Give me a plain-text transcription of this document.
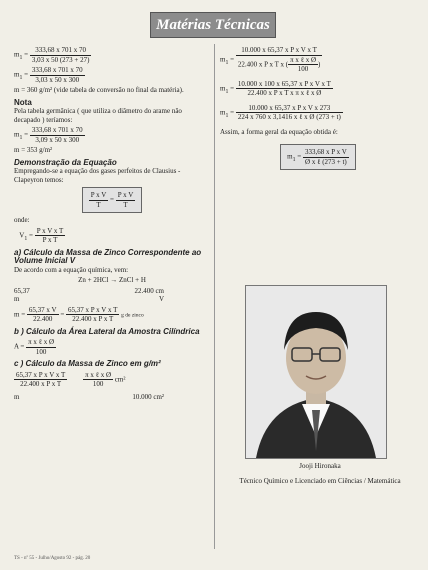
Matérias Técnicas
$m_1 = \frac{333,68 x 701 x 70}{3,03 x 50 (273 + 27)}$
$m_1 = \frac{333,68 x 701 x 70}{3,03 x 50 x 300}$

m = 360 g/m² (vide tabela de conversão no final da matéria).

Nota

Pela tabela germânica ( que utiliza o diâmetro do arame não decapado ) teríamos:

$m_1 = \frac{333,68 x 701 x 70}{3,09 x 50 x 300}$

m = 353 g/m²

Demonstração da Equação

Empregando-se a equação dos gases perfeitos de Clausius - Clapeyron temos:

$\frac{\text{P x V}}{T} = \frac{\text{P x V}}{T}$

onde:

$V_1 = \frac{\text{P x V x T}}{\text{P x T}}$

a) Cálculo da Massa de Zinco Correspondente ao Volume Inicial V

De acordo com a equação química, vem:

Zn + 2HCl → ZnCl + H

65,37	22.400 cm
m	V
$m = \frac{\text{65,37 x V}}{22.400} = \frac{\text{65,37 x P x V x T}}{\text{22.400 x P x T}}$ g de zinco

b ) Cálculo da Área Lateral da Amostra Cilíndrica

$A = \frac{\text{π x ℓ x Ø}}{100}$

c ) Cálculo da Massa de Zinco em g/m²

$\frac{\text{65,37 x P x V x T}}{\text{22.400 x P x T}}$
$\frac{\text{π x ℓ x Ø}}{100} cm^2$
m	10.000 cm²
$m_1 = \frac{\text{10.000 x 65,37 x P x V x T}}{22.400 x P x T x ( \frac{\text{π x ℓ x Ø}}{100} )}$
$m_1 = \frac{\text{10.000 x 100 x 65,37 x P x V x T}}{\text{22.400 x P x T x π x ℓ x Ø}}$
$m_1 = \frac{\text{10.000 x 65,37 x P x V x 273}}{\text{224 x 760 x 3,1416 x ℓ x Ø (273 + t)}}$

Assim, a forma geral da equação obtida é:

$m_1 = \frac{\text{333,68 x P x V}}{\text{Ø x ℓ (273 + t)}}$

Jooji Hironaka

Técnico Químico e Licenciado em Ciências / Matemática

TS - nº 55 - Julho/Agosto 92 - pág. 20
